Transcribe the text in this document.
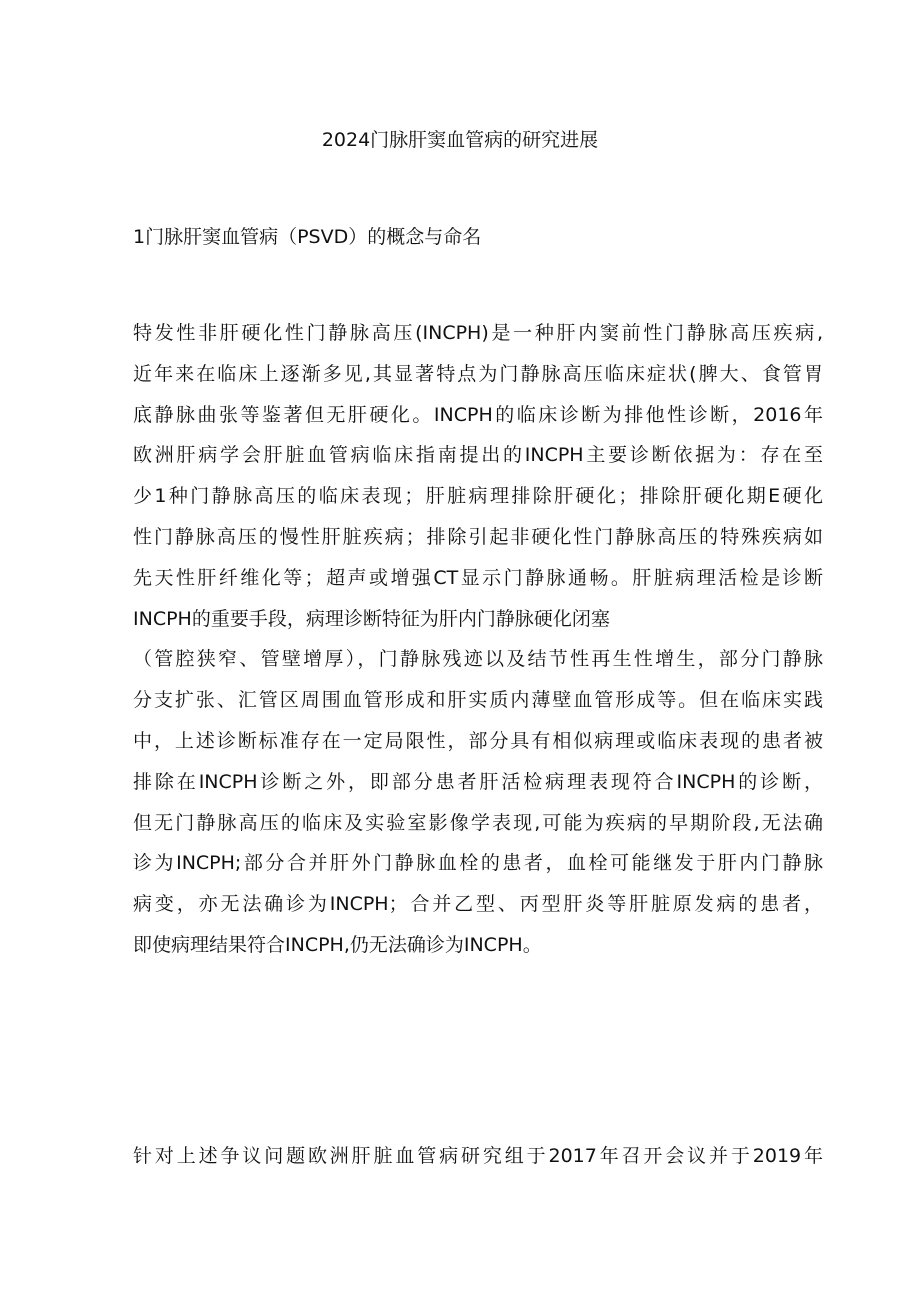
2024门脉肝窦血管病的研究进展
1门脉肝窦血管病（PSVD）的概念与命名
特发性非肝硬化性门静脉高压(INCPH)是一种肝内窦前性门静脉高压疾病,
近年来在临床上逐渐多见,其显著特点为门静脉高压临床症状(脾大、食管胃
底静脉曲张等鉴著但无肝硬化。INCPH的临床诊断为排他性诊断，2016年
欧洲肝病学会肝脏血管病临床指南提出的INCPH主要诊断依据为：存在至
少1种门静脉高压的临床表现；肝脏病理排除肝硬化；排除肝硬化期E硬化
性门静脉高压的慢性肝脏疾病；排除引起非硬化性门静脉高压的特殊疾病如
先天性肝纤维化等；超声或增强CT显示门静脉通畅。肝脏病理活检是诊断
INCPH的重要手段，病理诊断特征为肝内门静脉硬化闭塞
（管腔狭窄、管壁增厚），门静脉残迹以及结节性再生性增生，部分门静脉
分支扩张、汇管区周围血管形成和肝实质内薄壁血管形成等。但在临床实践
中，上述诊断标准存在一定局限性，部分具有相似病理或临床表现的患者被
排除在INCPH诊断之外，即部分患者肝活检病理表现符合INCPH的诊断，
但无门静脉高压的临床及实验室影像学表现,可能为疾病的早期阶段,无法确
诊为INCPH;部分合并肝外门静脉血栓的患者，血栓可能继发于肝内门静脉
病变，亦无法确诊为INCPH；合并乙型、丙型肝炎等肝脏原发病的患者，
即使病理结果符合INCPH,仍无法确诊为INCPH。
针对上述争议问题欧洲肝脏血管病研究组于2017年召开会议并于2019年
